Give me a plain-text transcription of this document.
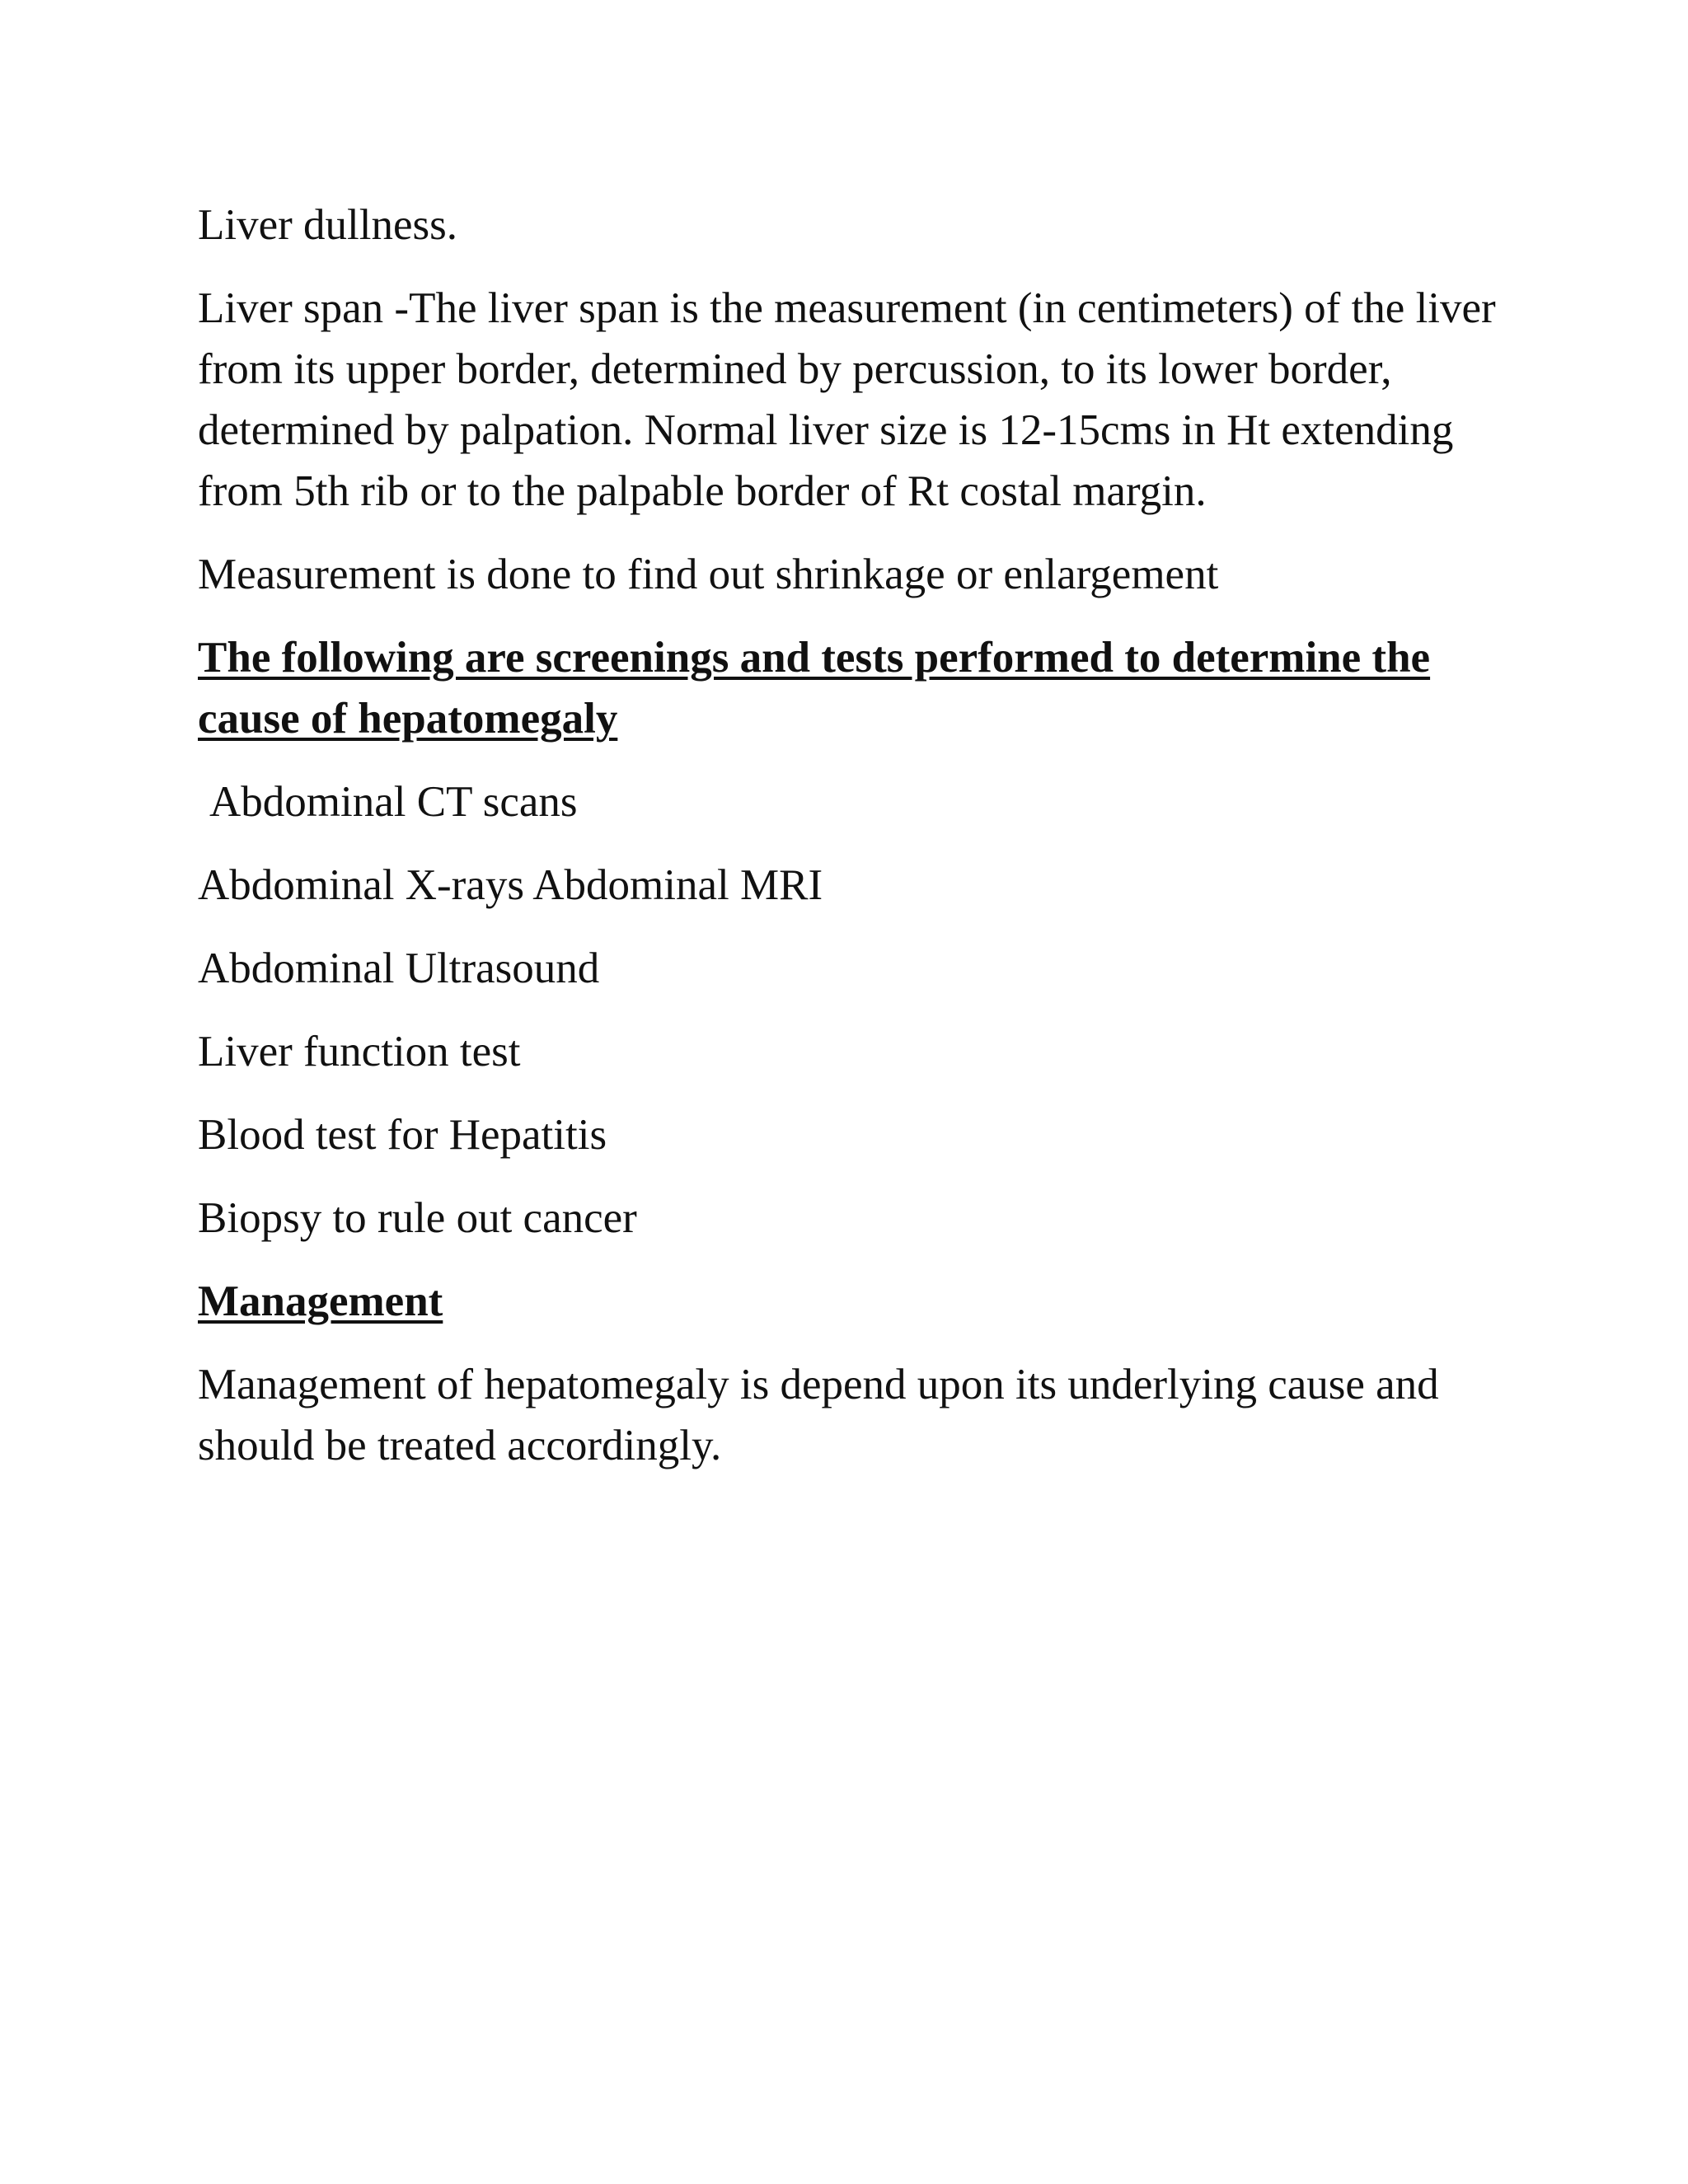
Liver dullness.

Liver span -The liver span is the measurement (in centimeters) of the liver from its upper border, determined by percussion, to its lower border, determined by palpation. Normal liver size is 12-15cms in Ht extending from 5th rib or to the palpable border of Rt costal margin.

Measurement is done to find out shrinkage or enlargement

The following are screenings and tests performed to determine the cause of hepatomegaly

Abdominal CT scans

Abdominal X-rays Abdominal MRI

Abdominal Ultrasound

Liver function test

Blood test for Hepatitis

Biopsy to rule out cancer

Management

Management of hepatomegaly is depend upon its underlying cause and should be treated accordingly.
